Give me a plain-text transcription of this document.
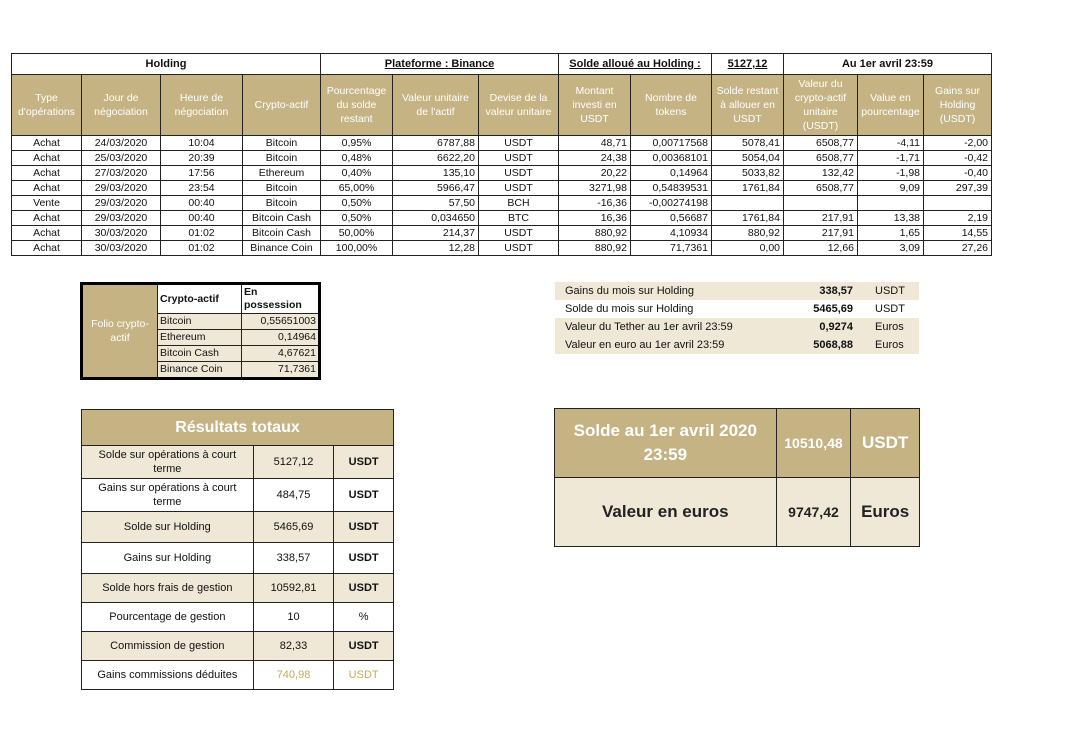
Holding				Plateforme : Binance			Solde alloué au Holding :		5127,12	Au 1er avril 23:59		
Type d'opérations	Jour de négociation	Heure de négociation	Crypto-actif	Pourcentage du solde restant	Valeur unitaire de l'actif	Devise de la valeur unitaire	Montant investi en USDT	Nombre de tokens	Solde restant à allouer en USDT	Valeur du crypto-actif unitaire (USDT)	Value en pourcentage	Gains sur Holding (USDT)
Achat	24/03/2020	10:04	Bitcoin	0,95%	6787,88	USDT	48,71	0,00717568	5078,41	6508,77	-4,11	-2,00
Achat	25/03/2020	20:39	Bitcoin	0,48%	6622,20	USDT	24,38	0,00368101	5054,04	6508,77	-1,71	-0,42
Achat	27/03/2020	17:56	Ethereum	0,40%	135,10	USDT	20,22	0,14964	5033,82	132,42	-1,98	-0,40
Achat	29/03/2020	23:54	Bitcoin	65,00%	5966,47	USDT	3271,98	0,54839531	1761,84	6508,77	9,09	297,39
Vente	29/03/2020	00:40	Bitcoin	0,50%	57,50	BCH	-16,36	-0,00274198				
Achat	29/03/2020	00:40	Bitcoin Cash	0,50%	0,034650	BTC	16,36	0,56687	1761,84	217,91	13,38	2,19
Achat	30/03/2020	01:02	Bitcoin Cash	50,00%	214,37	USDT	880,92	4,10934	880,92	217,91	1,65	14,55
Achat	30/03/2020	01:02	Binance Coin	100,00%	12,28	USDT	880,92	71,7361	0,00	12,66	3,09	27,26
Folio crypto-actif	Crypto-actif	En possession
	Bitcoin	0,55651003
	Ethereum	0,14964
	Bitcoin Cash	4,67621
	Binance Coin	71,7361
Gains du mois sur Holding	338,57	USDT
Solde du mois sur Holding	5465,69	USDT
Valeur du Tether au 1er avril 23:59	0,9274	Euros
Valeur en euro au 1er avril 23:59	5068,88	Euros
Résultats totaux		
Solde sur opérations à court terme	5127,12	USDT
Gains sur opérations à court terme	484,75	USDT
Solde sur Holding	5465,69	USDT
Gains sur Holding	338,57	USDT
Solde hors frais de gestion	10592,81	USDT
Pourcentage de gestion	10	%
Commission de gestion	82,33	USDT
Gains commissions déduites	740,98	USDT
Solde au 1er avril 2020 23:59	10510,48	USDT
Valeur en euros	9747,42	Euros
